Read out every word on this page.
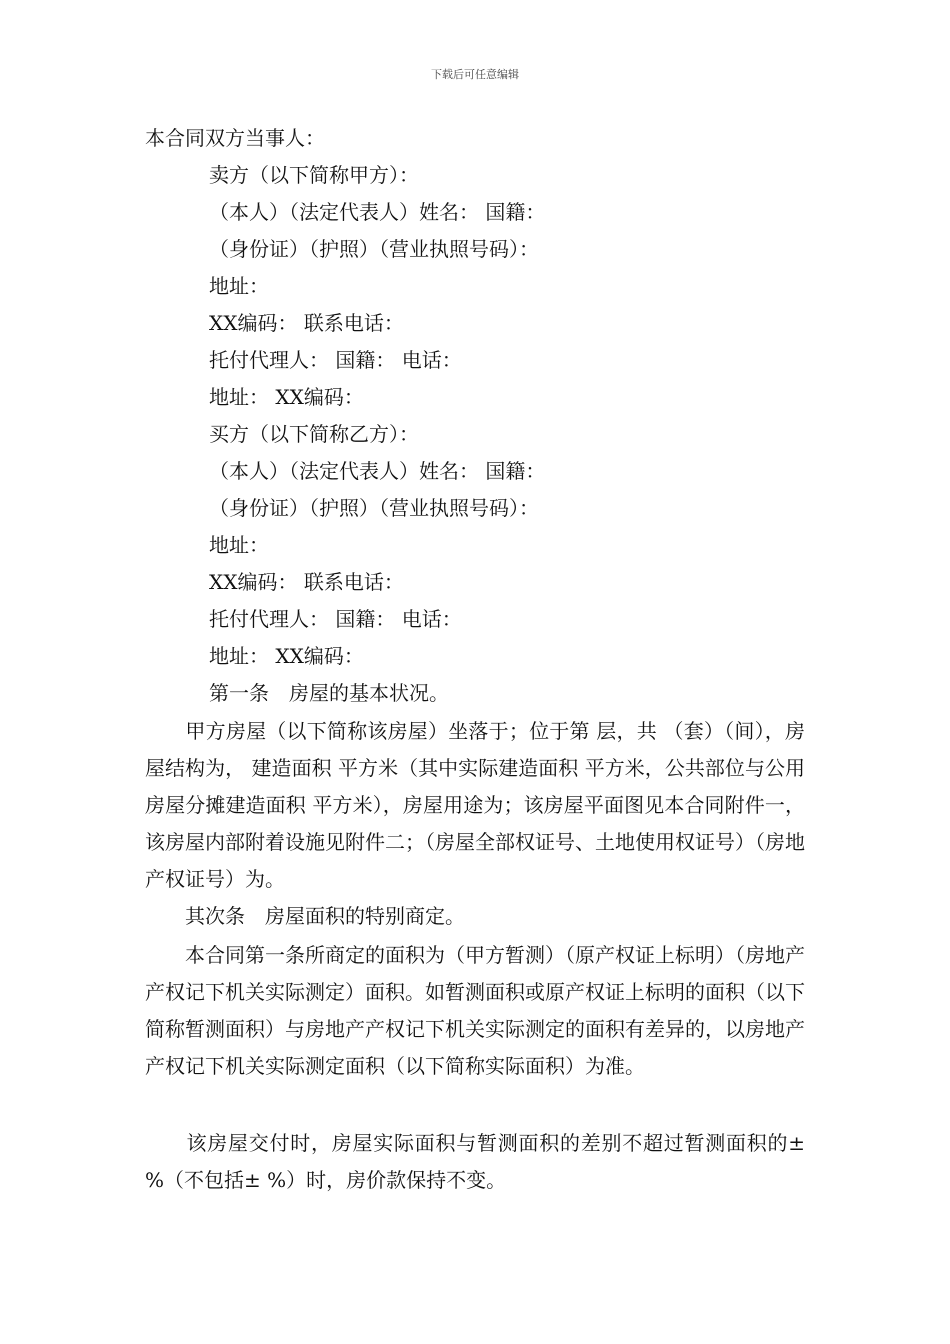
下载后可任意编辑
本合同双方当事人：
卖方（以下简称甲方）：
（本人）（法定代表人）姓名： 国籍：
（身份证）（护照）（营业执照号码）：
地址：
XX编码： 联系电话：
托付代理人： 国籍： 电话：
地址： XX编码：
买方（以下简称乙方）：
（本人）（法定代表人）姓名： 国籍：
（身份证）（护照）（营业执照号码）：
地址：
XX编码： 联系电话：
托付代理人： 国籍： 电话：
地址： XX编码：
第一条　房屋的基本状况。
　　甲方房屋（以下简称该房屋）坐落于；位于第 层，共 （套）（间），房屋结构为， 建造面积 平方米（其中实际建造面积 平方米，公共部位与公用房屋分摊建造面积 平方米），房屋用途为；该房屋平面图见本合同附件一，该房屋内部附着设施见附件二；（房屋全部权证号、土地使用权证号）（房地产权证号）为。
　　其次条　房屋面积的特别商定。
　　本合同第一条所商定的面积为（甲方暂测）（原产权证上标明）（房地产产权记下机关实际测定）面积。如暂测面积或原产权证上标明的面积（以下简称暂测面积）与房地产产权记下机关实际测定的面积有差异的，以房地产产权记下机关实际测定面积（以下简称实际面积）为准。
　　该房屋交付时，房屋实际面积与暂测面积的差别不超过暂测面积的± %（不包括± %）时，房价款保持不变。
